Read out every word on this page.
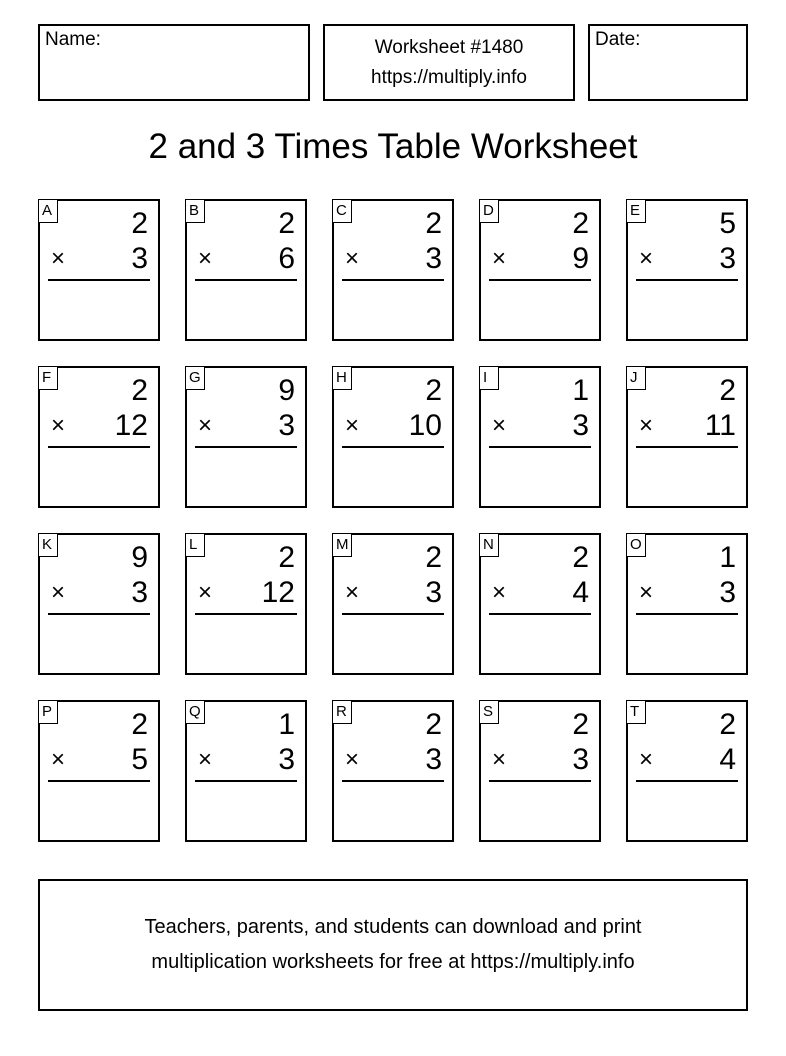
Name:	Worksheet #1480
https://multiply.info
Date:
2 and 3 Times Table Worksheet
A	2
× 3
B	2
× 6
C	2
× 3
D	2
× 9
E	5
× 3
F	2
× 12
G	9
× 3
H	2
× 10
I	1
× 3
J	2
× 11
K	9
× 3
L	2
× 12
M	2
× 3
N	2
× 4
O	1
× 3
P	2
× 5
Q	1
× 3
R	2
× 3
S	2
× 3
T	2
× 4
Teachers, parents, and students can download and print
multiplication worksheets for free at https://multiply.info
